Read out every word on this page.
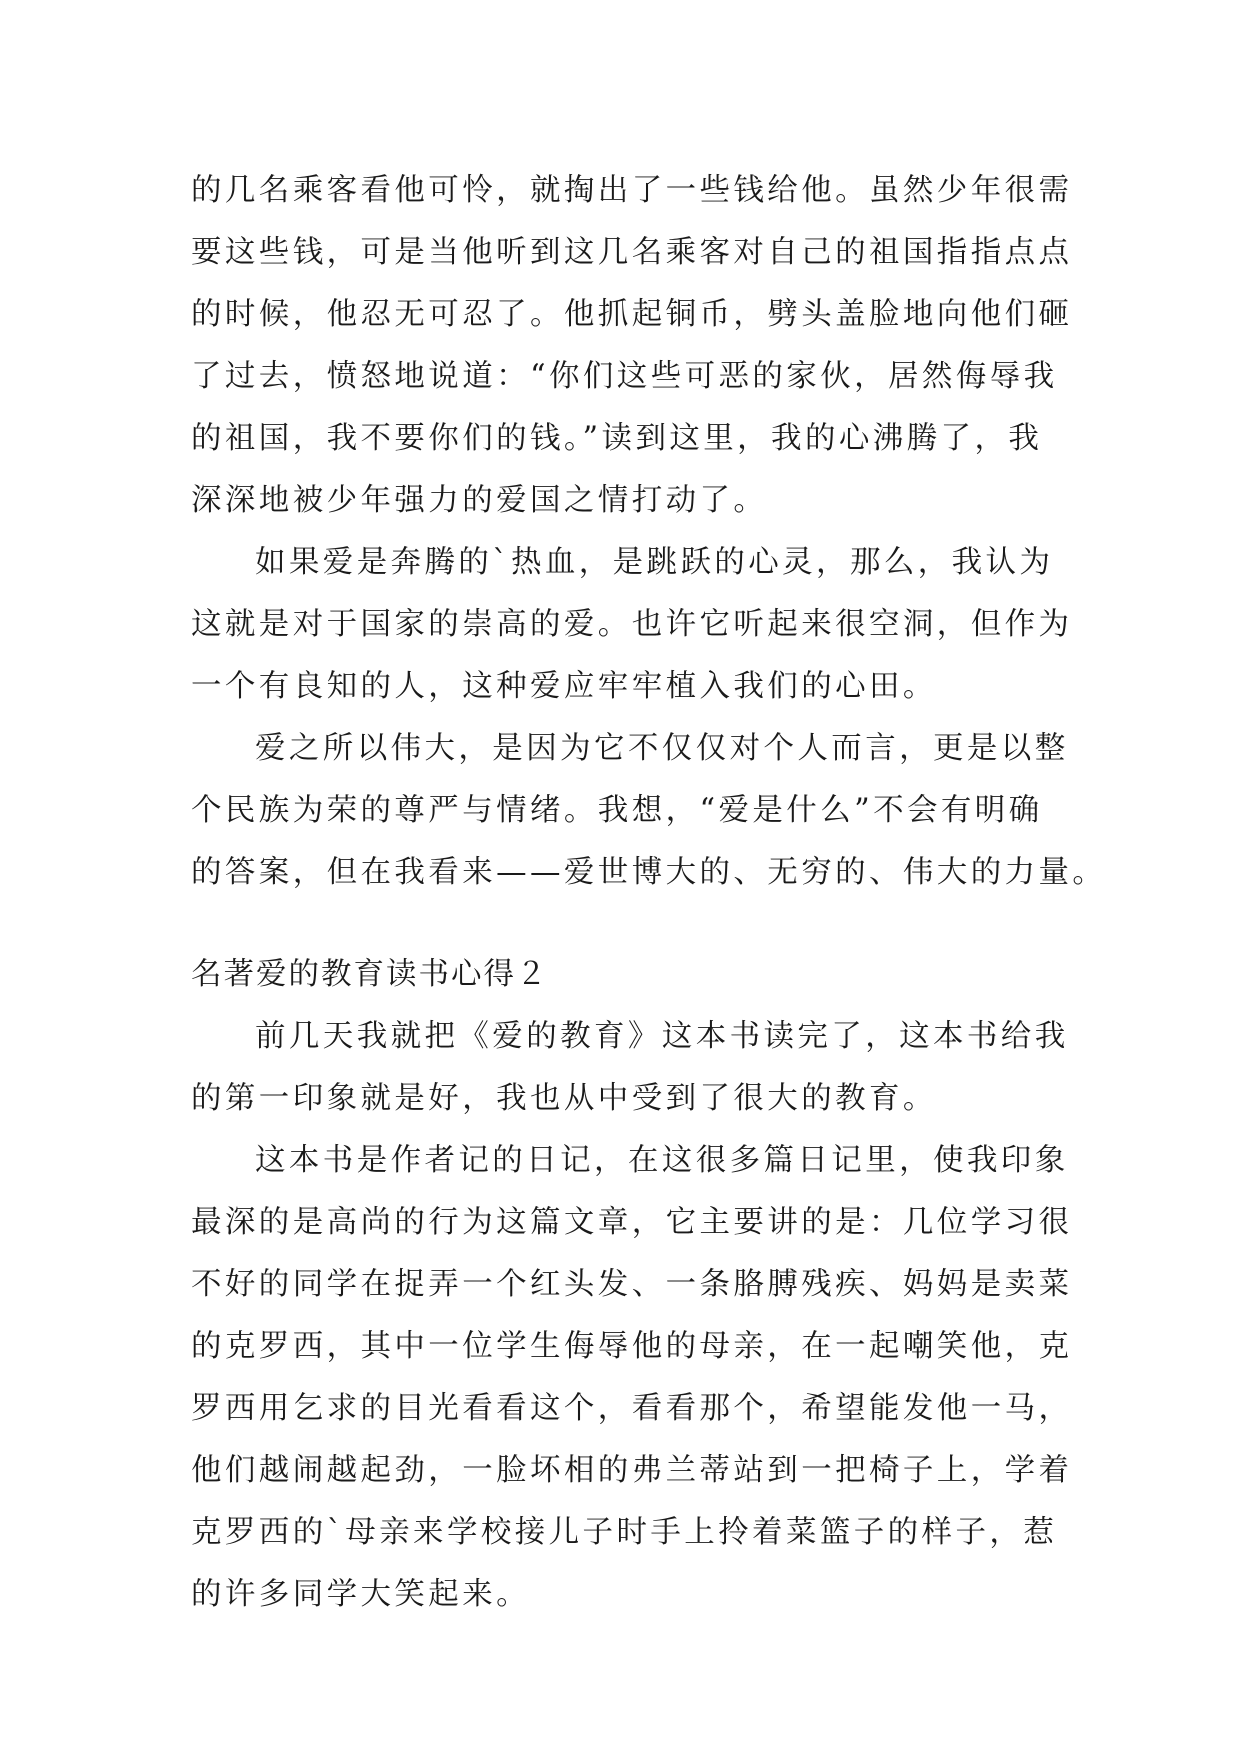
的几名乘客看他可怜，就掏出了一些钱给他。虽然少年很需
要这些钱，可是当他听到这几名乘客对自己的祖国指指点点
的时候，他忍无可忍了。他抓起铜币，劈头盖脸地向他们砸
了过去，愤怒地说道：“你们这些可恶的家伙，居然侮辱我
的祖国，我不要你们的钱。”读到这里，我的心沸腾了，我
深深地被少年强力的爱国之情打动了。
如果爱是奔腾的`热血，是跳跃的心灵，那么，我认为
这就是对于国家的崇高的爱。也许它听起来很空洞，但作为
一个有良知的人，这种爱应牢牢植入我们的心田。
爱之所以伟大，是因为它不仅仅对个人而言，更是以整
个民族为荣的尊严与情绪。我想，“爱是什么”不会有明确
的答案，但在我看来——爱世博大的、无穷的、伟大的力量。
名著爱的教育读书心得２
前几天我就把《爱的教育》这本书读完了，这本书给我
的第一印象就是好，我也从中受到了很大的教育。
这本书是作者记的日记，在这很多篇日记里，使我印象
最深的是高尚的行为这篇文章，它主要讲的是：几位学习很
不好的同学在捉弄一个红头发、一条胳膊残疾、妈妈是卖菜
的克罗西，其中一位学生侮辱他的母亲，在一起嘲笑他，克
罗西用乞求的目光看看这个，看看那个，希望能发他一马，
他们越闹越起劲，一脸坏相的弗兰蒂站到一把椅子上，学着
克罗西的`母亲来学校接儿子时手上拎着菜篮子的样子，惹
的许多同学大笑起来。
